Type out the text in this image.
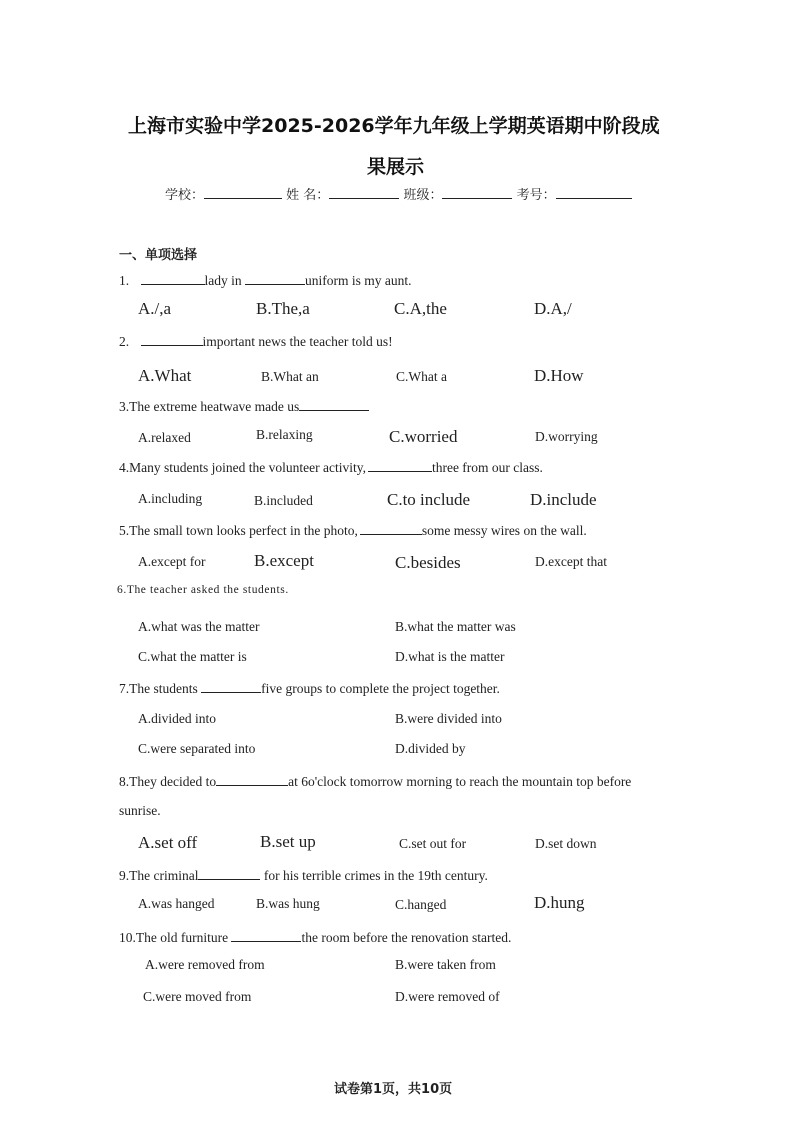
上海市实验中学2025-2026学年九年级上学期英语期中阶段成
果展示
学校：	姓 名：	班级：	考号：
一、单项选择
1.	lady in	uniform is my aunt.
A./,a	B.The,a	C.A,the	D.A,/
2.	important news the teacher told us!
A.What	B.What an	C.What a	D.How
3.The extreme heatwave made us
A.relaxed	B.relaxing	C.worried	D.worrying
4.Many students joined the volunteer activity,	three from our class.
A.including	B.included	C.to include	D.include
5.The small town looks perfect in the photo,	some messy wires on the wall.
A.except for	B.except	C.besides	D.except that
6.The teacher asked the students.
A.what was the matter	B.what the matter was
C.what the matter is	D.what is the matter
7.The students	five groups to complete the project together.
A.divided into	B.were divided into
C.were separated into	D.divided by
8.They decided to	at 6o'clock tomorrow morning to reach the mountain top before
sunrise.
A.set off	B.set up	C.set out for	D.set down
9.The criminal	for his terrible crimes in the 19th century.
A.was hanged	B.was hung	C.hanged	D.hung
10.The old furniture	the room before the renovation started.
A.were removed from	B.were taken from
C.were moved from	D.were removed of
试卷第1页，共10页
